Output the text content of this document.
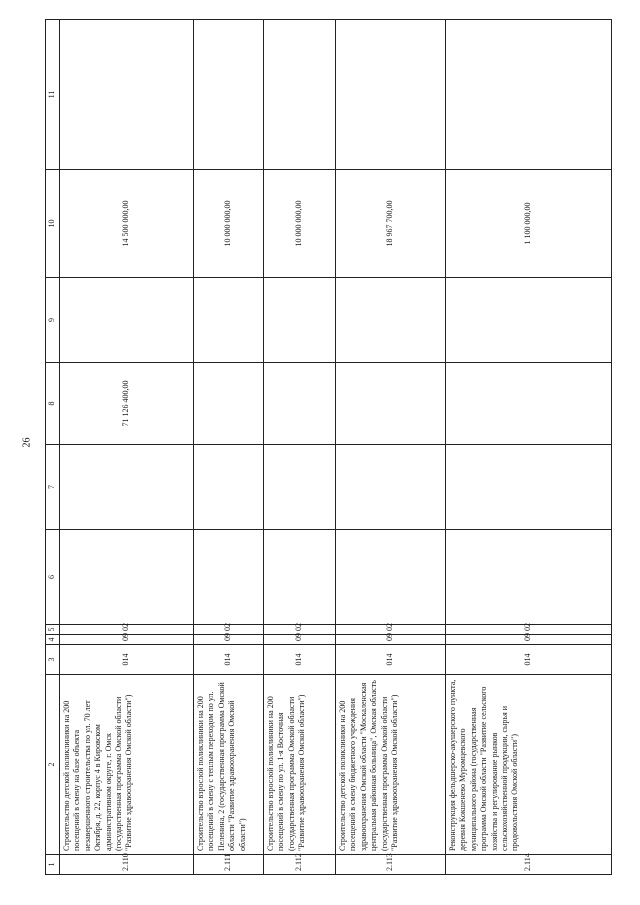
26
1	2	3	4	5	6	7	8	9	10	11
2.110	Строительство детской поликлиники на 200 посещений в смену на базе объекта незавершенного строительства по ул. 70 лет Октября, д. 22, корпус 4 в Кировском административном округе, г. Омск (государственная программа Омской области "Развитие здравоохранения Омской области")	014	09	02			71 126 400,00		14 500 000,00	
2.111	Строительство взрослой поликлиники на 200 посещений в смену с теплым переходом по ул. Пеленина, 2 (государственная программа Омской области "Развитие здравоохранения Омской области")	014	09	02					10 000 000,00	
2.112	Строительство взрослой поликлиники на 200 посещений в смену по ул. 1-я Восточная (государственная программа Омской области "Развитие здравоохранения Омской области")	014	09	02					10 000 000,00	
2.113	Строительство детской поликлиники на 200 посещений в смену бюджетного учреждения здравоохранения Омской области "Москаленская центральная районная больница", Омская область (государственная программа Омской области "Развитие здравоохранения Омской области")	014	09	02					18 967 700,00	
2.114	Реконструкция фельдшерско-акушерского пункта, деревня Кокшенево Муромцевского муниципального района (государственная программа Омской области "Развитие сельского хозяйства и регулирование рынков сельскохозяйственной продукции, сырья и продовольствия Омской области")	014	09	02					1 100 000,00	
